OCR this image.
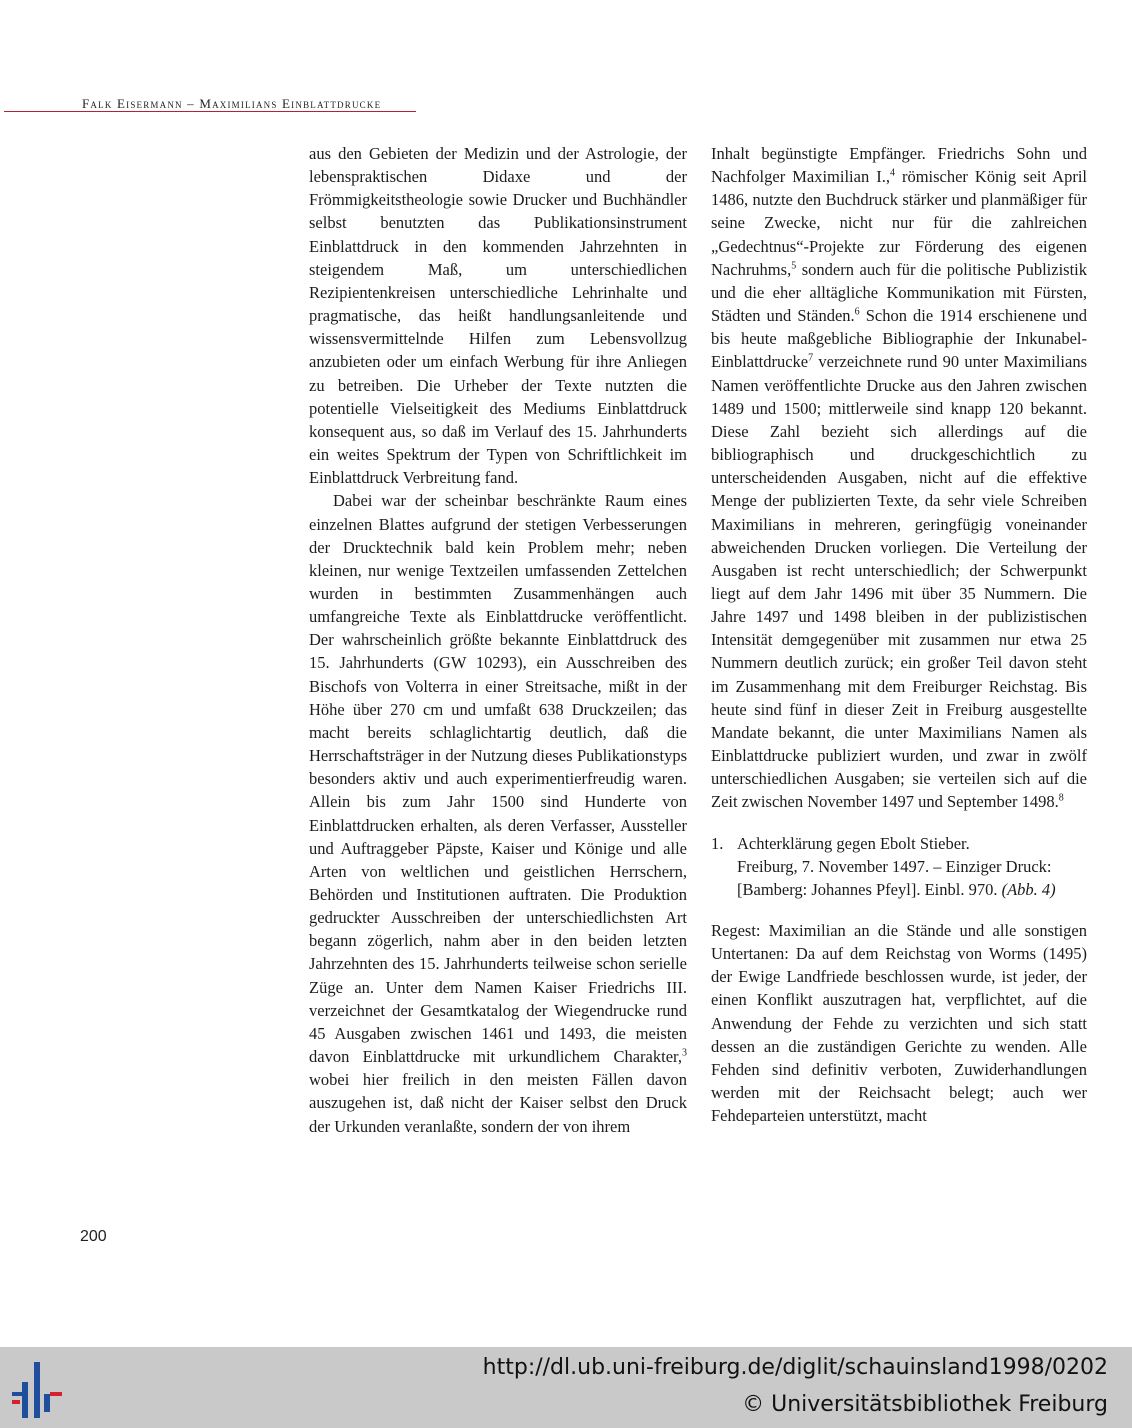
Falk Eisermann – Maximilians Einblattdrucke

aus den Gebieten der Medizin und der Astrologie, der lebenspraktischen Didaxe und der Frömmigkeitstheologie sowie Drucker und Buchhändler selbst benutzten das Publikationsinstrument Einblattdruck in den kommenden Jahrzehnten in steigendem Maß, um unterschiedlichen Rezipientenkreisen unterschiedliche Lehrinhalte und pragmatische, das heißt handlungsanleitende und wissensvermittelnde Hilfen zum Lebensvollzug anzubieten oder um einfach Werbung für ihre Anliegen zu betreiben. Die Urheber der Texte nutzten die potentielle Vielseitigkeit des Mediums Einblattdruck konsequent aus, so daß im Verlauf des 15. Jahrhunderts ein weites Spektrum der Typen von Schriftlichkeit im Einblattdruck Verbreitung fand.

Dabei war der scheinbar beschränkte Raum eines einzelnen Blattes aufgrund der stetigen Verbesserungen der Drucktechnik bald kein Problem mehr; neben kleinen, nur wenige Textzeilen umfassenden Zettelchen wurden in bestimmten Zusammenhängen auch umfangreiche Texte als Einblattdrucke veröffentlicht. Der wahrscheinlich größte bekannte Einblattdruck des 15. Jahrhunderts (GW 10293), ein Ausschreiben des Bischofs von Volterra in einer Streitsache, mißt in der Höhe über 270 cm und umfaßt 638 Druckzeilen; das macht bereits schlaglichtartig deutlich, daß die Herrschaftsträger in der Nutzung dieses Publikationstyps besonders aktiv und auch experimentierfreudig waren. Allein bis zum Jahr 1500 sind Hunderte von Einblattdrucken erhalten, als deren Verfasser, Aussteller und Auftraggeber Päpste, Kaiser und Könige und alle Arten von weltlichen und geistlichen Herrschern, Behörden und Institutionen auftraten. Die Produktion gedruckter Ausschreiben der unterschiedlichsten Art begann zögerlich, nahm aber in den beiden letzten Jahrzehnten des 15. Jahrhunderts teilweise schon serielle Züge an. Unter dem Namen Kaiser Friedrichs III. verzeichnet der Gesamtkatalog der Wiegendrucke rund 45 Ausgaben zwischen 1461 und 1493, die meisten davon Einblattdrucke mit urkundlichem Charakter,$^3$ wobei hier freilich in den meisten Fällen davon auszugehen ist, daß nicht der Kaiser selbst den Druck der Urkunden veranlaßte, sondern der von ihrem

Inhalt begünstigte Empfänger. Friedrichs Sohn und Nachfolger Maximilian I.,$^4$ römischer König seit April 1486, nutzte den Buchdruck stärker und planmäßiger für seine Zwecke, nicht nur für die zahlreichen „Gedechtnus“-Projekte zur Förderung des eigenen Nachruhms,$^5$ sondern auch für die politische Publizistik und die eher alltägliche Kommunikation mit Fürsten, Städten und Ständen.$^6$ Schon die 1914 erschienene und bis heute maßgebliche Bibliographie der Inkunabel-Einblattdrucke$^7$ verzeichnete rund 90 unter Maximilians Namen veröffentlichte Drucke aus den Jahren zwischen 1489 und 1500; mittlerweile sind knapp 120 bekannt. Diese Zahl bezieht sich allerdings auf die bibliographisch und druckgeschichtlich zu unterscheidenden Ausgaben, nicht auf die effektive Menge der publizierten Texte, da sehr viele Schreiben Maximilians in mehreren, geringfügig voneinander abweichenden Drucken vorliegen. Die Verteilung der Ausgaben ist recht unterschiedlich; der Schwerpunkt liegt auf dem Jahr 1496 mit über 35 Nummern. Die Jahre 1497 und 1498 bleiben in der publizistischen Intensität demgegenüber mit zusammen nur etwa 25 Nummern deutlich zurück; ein großer Teil davon steht im Zusammenhang mit dem Freiburger Reichstag. Bis heute sind fünf in dieser Zeit in Freiburg ausgestellte Mandate bekannt, die unter Maximilians Namen als Einblattdrucke publiziert wurden, und zwar in zwölf unterschiedlichen Ausgaben; sie verteilen sich auf die Zeit zwischen November 1497 und September 1498.$^8$

1. Achterklärung gegen Ebolt Stieber.
Freiburg, 7. November 1497. – Einziger Druck: [Bamberg: Johannes Pfeyl]. Einbl. 970. (Abb. 4)

Regest: Maximilian an die Stände und alle sonstigen Untertanen: Da auf dem Reichstag von Worms (1495) der Ewige Landfriede beschlossen wurde, ist jeder, der einen Konflikt auszutragen hat, verpflichtet, auf die Anwendung der Fehde zu verzichten und sich statt dessen an die zuständigen Gerichte zu wenden. Alle Fehden sind definitiv verboten, Zuwiderhandlungen werden mit der Reichsacht belegt; auch wer Fehdeparteien unterstützt, macht

200
http://dl.ub.uni-freiburg.de/diglit/schauinsland1998/0202
© Universitätsbibliothek Freiburg
